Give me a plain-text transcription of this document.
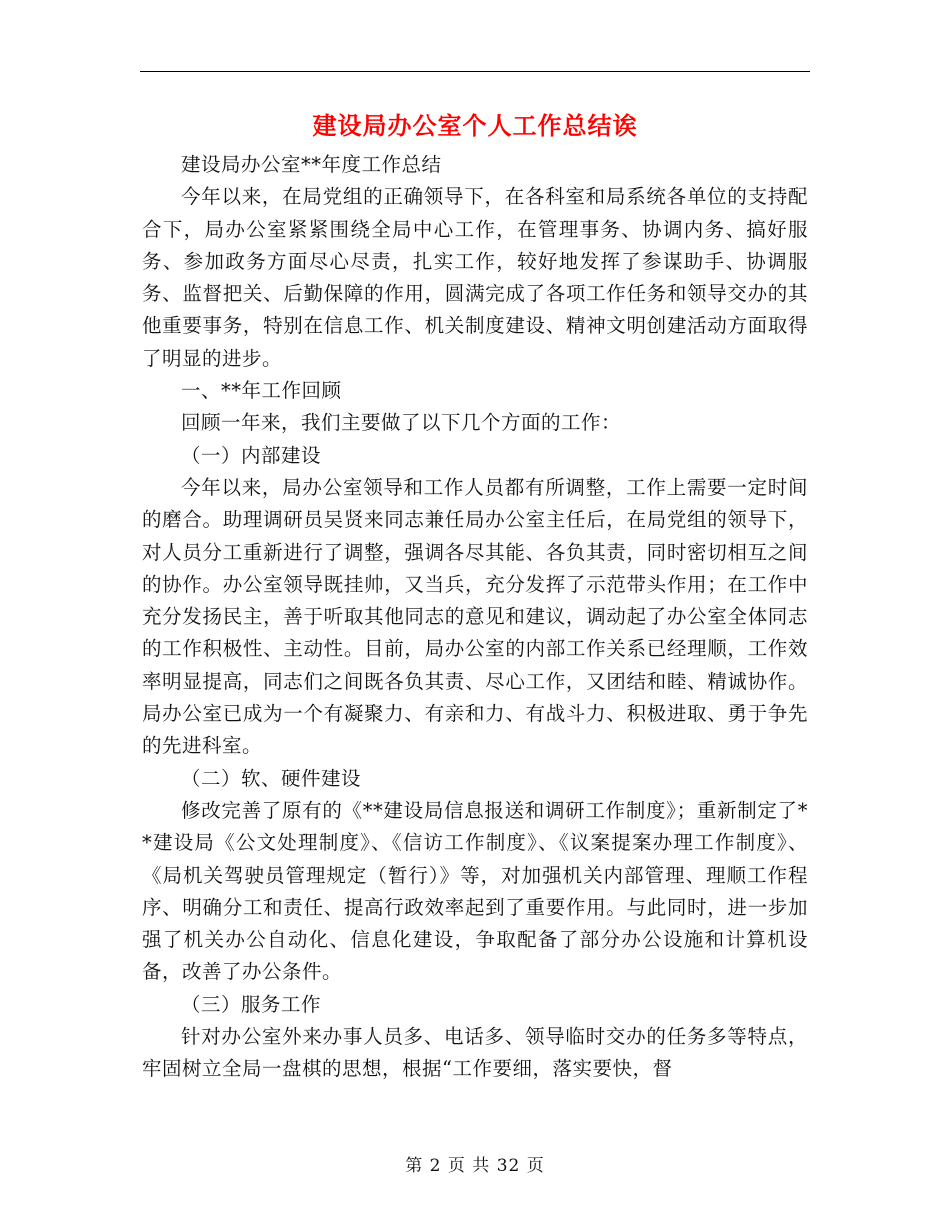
建设局办公室个人工作总结诶

建设局办公室**年度工作总结

今年以来，在局党组的正确领导下，在各科室和局系统各单位的支持配合下，局办公室紧紧围绕全局中心工作，在管理事务、协调内务、搞好服务、参加政务方面尽心尽责，扎实工作，较好地发挥了参谋助手、协调服务、监督把关、后勤保障的作用，圆满完成了各项工作任务和领导交办的其他重要事务，特别在信息工作、机关制度建设、精神文明创建活动方面取得了明显的进步。

一、**年工作回顾

回顾一年来，我们主要做了以下几个方面的工作：

（一）内部建设

今年以来，局办公室领导和工作人员都有所调整，工作上需要一定时间的磨合。助理调研员吴贤来同志兼任局办公室主任后，在局党组的领导下，对人员分工重新进行了调整，强调各尽其能、各负其责，同时密切相互之间的协作。办公室领导既挂帅，又当兵，充分发挥了示范带头作用；在工作中充分发扬民主，善于听取其他同志的意见和建议，调动起了办公室全体同志的工作积极性、主动性。目前，局办公室的内部工作关系已经理顺，工作效率明显提高，同志们之间既各负其责、尽心工作，又团结和睦、精诚协作。局办公室已成为一个有凝聚力、有亲和力、有战斗力、积极进取、勇于争先的先进科室。

（二）软、硬件建设

修改完善了原有的《**建设局信息报送和调研工作制度》；重新制定了**建设局《公文处理制度》、《信访工作制度》、《议案提案办理工作制度》、《局机关驾驶员管理规定（暂行）》等，对加强机关内部管理、理顺工作程序、明确分工和责任、提高行政效率起到了重要作用。与此同时，进一步加强了机关办公自动化、信息化建设，争取配备了部分办公设施和计算机设备，改善了办公条件。

（三）服务工作

针对办公室外来办事人员多、电话多、领导临时交办的任务多等特点，牢固树立全局一盘棋的思想，根据“工作要细，落实要快，督

第 2 页 共 32 页
